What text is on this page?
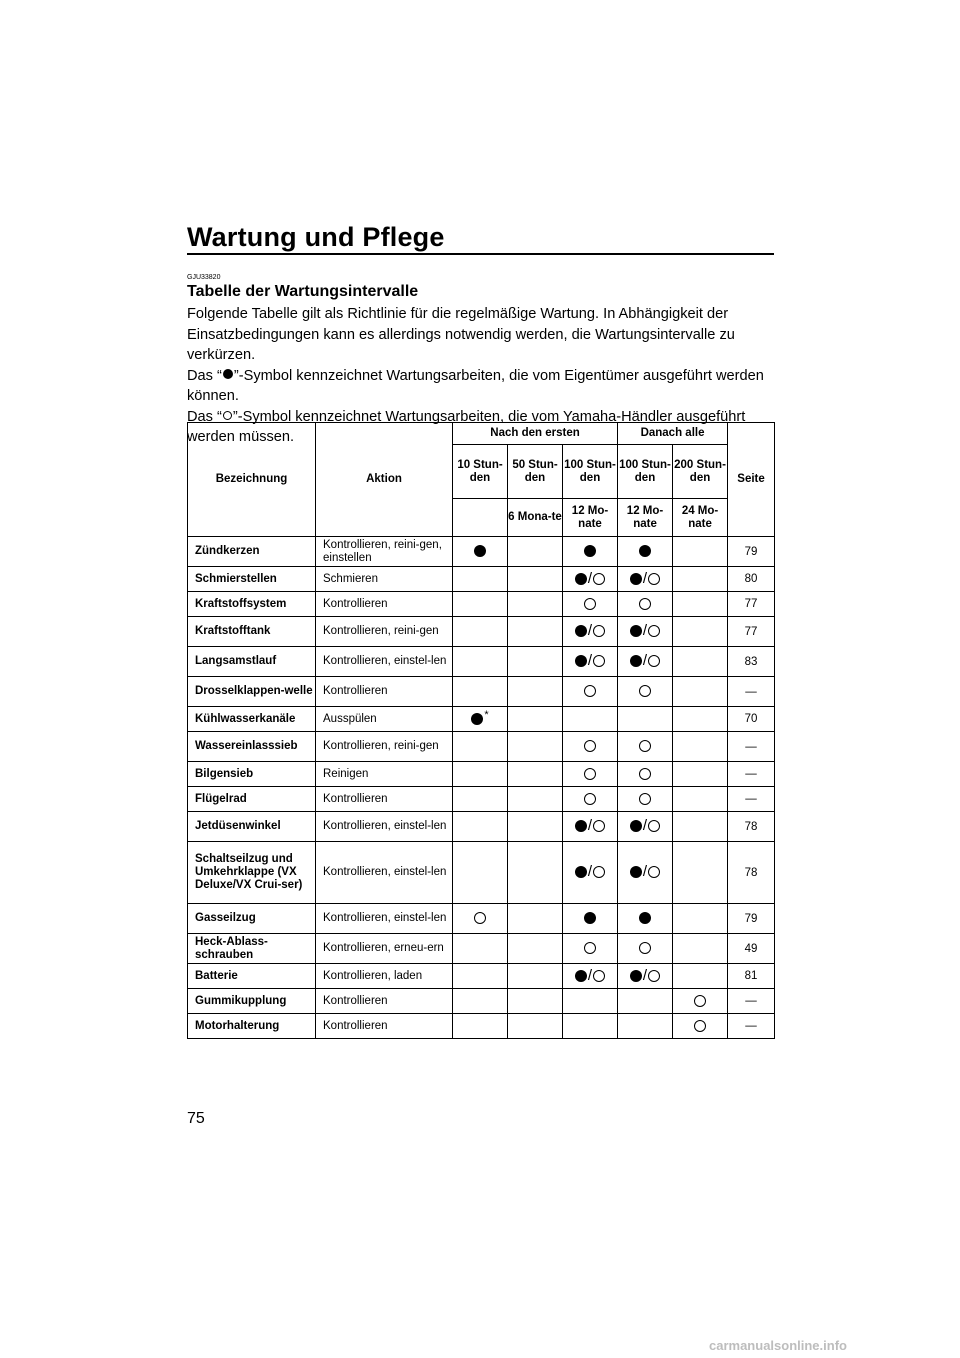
Wartung und Pflege
GJU33820
Tabelle der Wartungsintervalle

Folgende Tabelle gilt als Richtlinie für die regelmäßige Wartung. In Abhängigkeit der Einsatzbedingungen kann es allerdings notwendig werden, die Wartungsintervalle zu verkürzen.

Das “ ”-Symbol kennzeichnet Wartungsarbeiten, die vom Eigentümer ausgeführt werden können.

Das “ ”-Symbol kennzeichnet Wartungsarbeiten, die vom Yamaha-Händler ausgeführt werden müssen.

Bezeichnung	Aktion	Nach den ersten			Danach alle		Seite
		10 Stun-den	50 Stun-den	100 Stun-den	100 Stun-den	200 Stun-den	
			6 Mona-te	12 Mo-nate	12 Mo-nate	24 Mo-nate	
Zündkerzen	Kontrollieren, reini-gen, einstellen						79
Schmierstellen	Schmieren			/	/		80
Kraftstoffsystem	Kontrollieren						77
Kraftstofftank	Kontrollieren, reini-gen			/	/		77
Langsamstlauf	Kontrollieren, einstel-len			/	/		83
Drosselklappen-welle	Kontrollieren						—
Kühlwasserkanäle	Ausspülen	*					70
Wassereinlasssieb	Kontrollieren, reini-gen						—
Bilgensieb	Reinigen						—
Flügelrad	Kontrollieren						—
Jetdüsenwinkel	Kontrollieren, einstel-len			/	/		78
Schaltseilzug und Umkehrklappe (VX Deluxe/VX Crui-ser)	Kontrollieren, einstel-len			/	/		78
Gasseilzug	Kontrollieren, einstel-len						79
Heck-Ablass-schrauben	Kontrollieren, erneu-ern						49
Batterie	Kontrollieren, laden			/	/		81
Gummikupplung	Kontrollieren						—
Motorhalterung	Kontrollieren						—
75
carmanualsonline.info
